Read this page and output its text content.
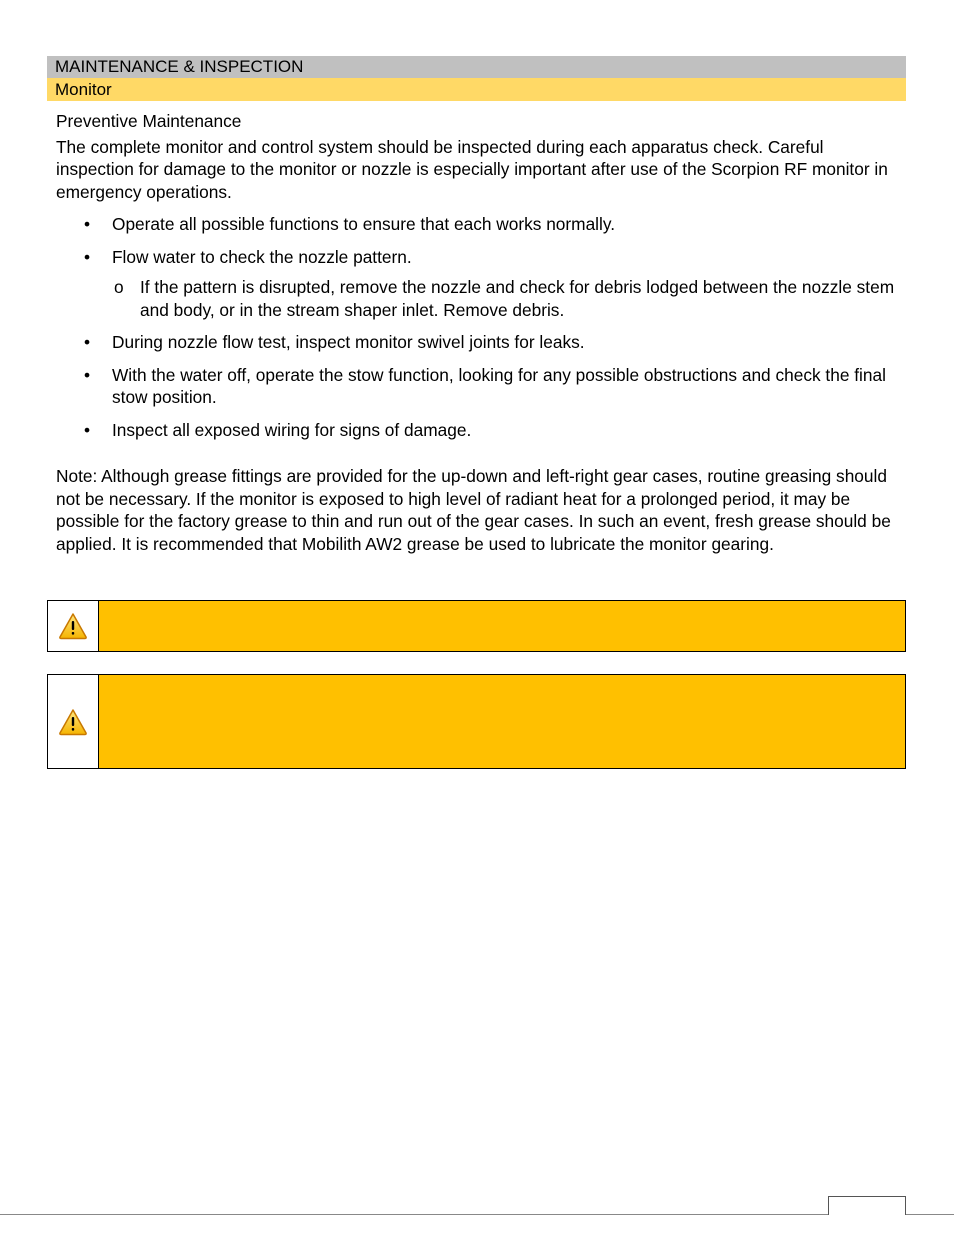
MAINTENANCE & INSPECTION
Monitor

Preventive Maintenance

The complete monitor and control system should be inspected during each apparatus check. Careful inspection for damage to the monitor or nozzle is especially important after use of the Scorpion RF monitor in emergency operations.

• Operate all possible functions to ensure that each works normally.
• Flow water to check the nozzle pattern.
o If the pattern is disrupted, remove the nozzle and check for debris lodged between the nozzle stem and body, or in the stream shaper inlet. Remove debris.
• During nozzle flow test, inspect monitor swivel joints for leaks.
• With the water off, operate the stow function, looking for any possible obstructions and check the final stow position.
• Inspect all exposed wiring for signs of damage.

Note: Although grease fittings are provided for the up-down and left-right gear cases, routine greasing should not be necessary. If the monitor is exposed to high level of radiant heat for a prolonged period, it may be possible for the factory grease to thin and run out of the gear cases. In such an event, fresh grease should be applied. It is recommended that Mobilith AW2 grease be used to lubricate the monitor gearing.
